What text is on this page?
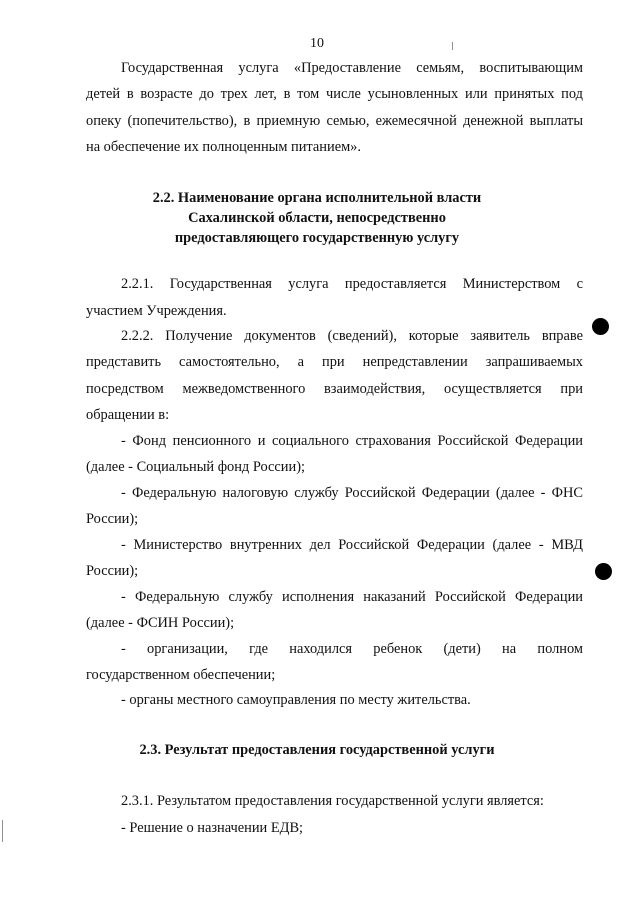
10
Государственная услуга «Предоставление семьям, воспитывающим
детей в возрасте до трех лет, в том числе усыновленных или принятых под
опеку (попечительство), в приемную семью, ежемесячной денежной выплаты
на обеспечение их полноценным питанием».
2.2. Наименование органа исполнительной власти
Сахалинской области, непосредственно
предоставляющего государственную услугу
2.2.1. Государственная услуга предоставляется Министерством с
участием Учреждения.
2.2.2. Получение документов (сведений), которые заявитель вправе
представить самостоятельно, а при непредставлении запрашиваемых
посредством межведомственного взаимодействия, осуществляется при
обращении в:
- Фонд пенсионного и социального страхования Российской Федерации
(далее - Социальный фонд России);
- Федеральную налоговую службу Российской Федерации (далее - ФНС
России);
- Министерство внутренних дел Российской Федерации (далее - МВД
России);
- Федеральную службу исполнения наказаний Российской Федерации
(далее - ФСИН России);
- организации, где находился ребенок (дети) на полном
государственном обеспечении;
- органы местного самоуправления по месту жительства.
2.3. Результат предоставления государственной услуги
2.3.1. Результатом предоставления государственной услуги является:
- Решение о назначении ЕДВ;
